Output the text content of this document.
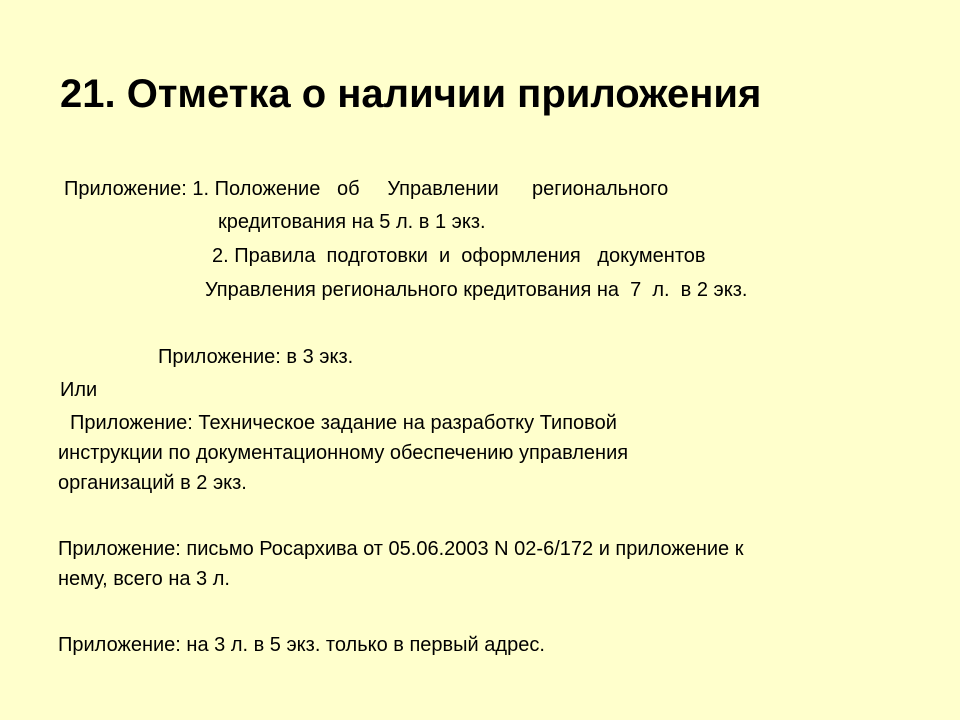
21. Отметка о наличии приложения

Приложение: 1. Положение   об     Управлении      регионального

кредитования на 5 л. в 1 экз.

2. Правила  подготовки  и  оформления   документов

Управления регионального кредитования на  7  л.  в 2 экз.

Приложение: в 3 экз.

Или

Приложение: Техническое задание на разработку Типовой

инструкции по документационному обеспечению управления

организаций в 2 экз.

Приложение: письмо Росархива от 05.06.2003 N 02-6/172 и приложение к

нему, всего на 3 л.

Приложение: на 3 л. в 5 экз. только в первый адрес.
